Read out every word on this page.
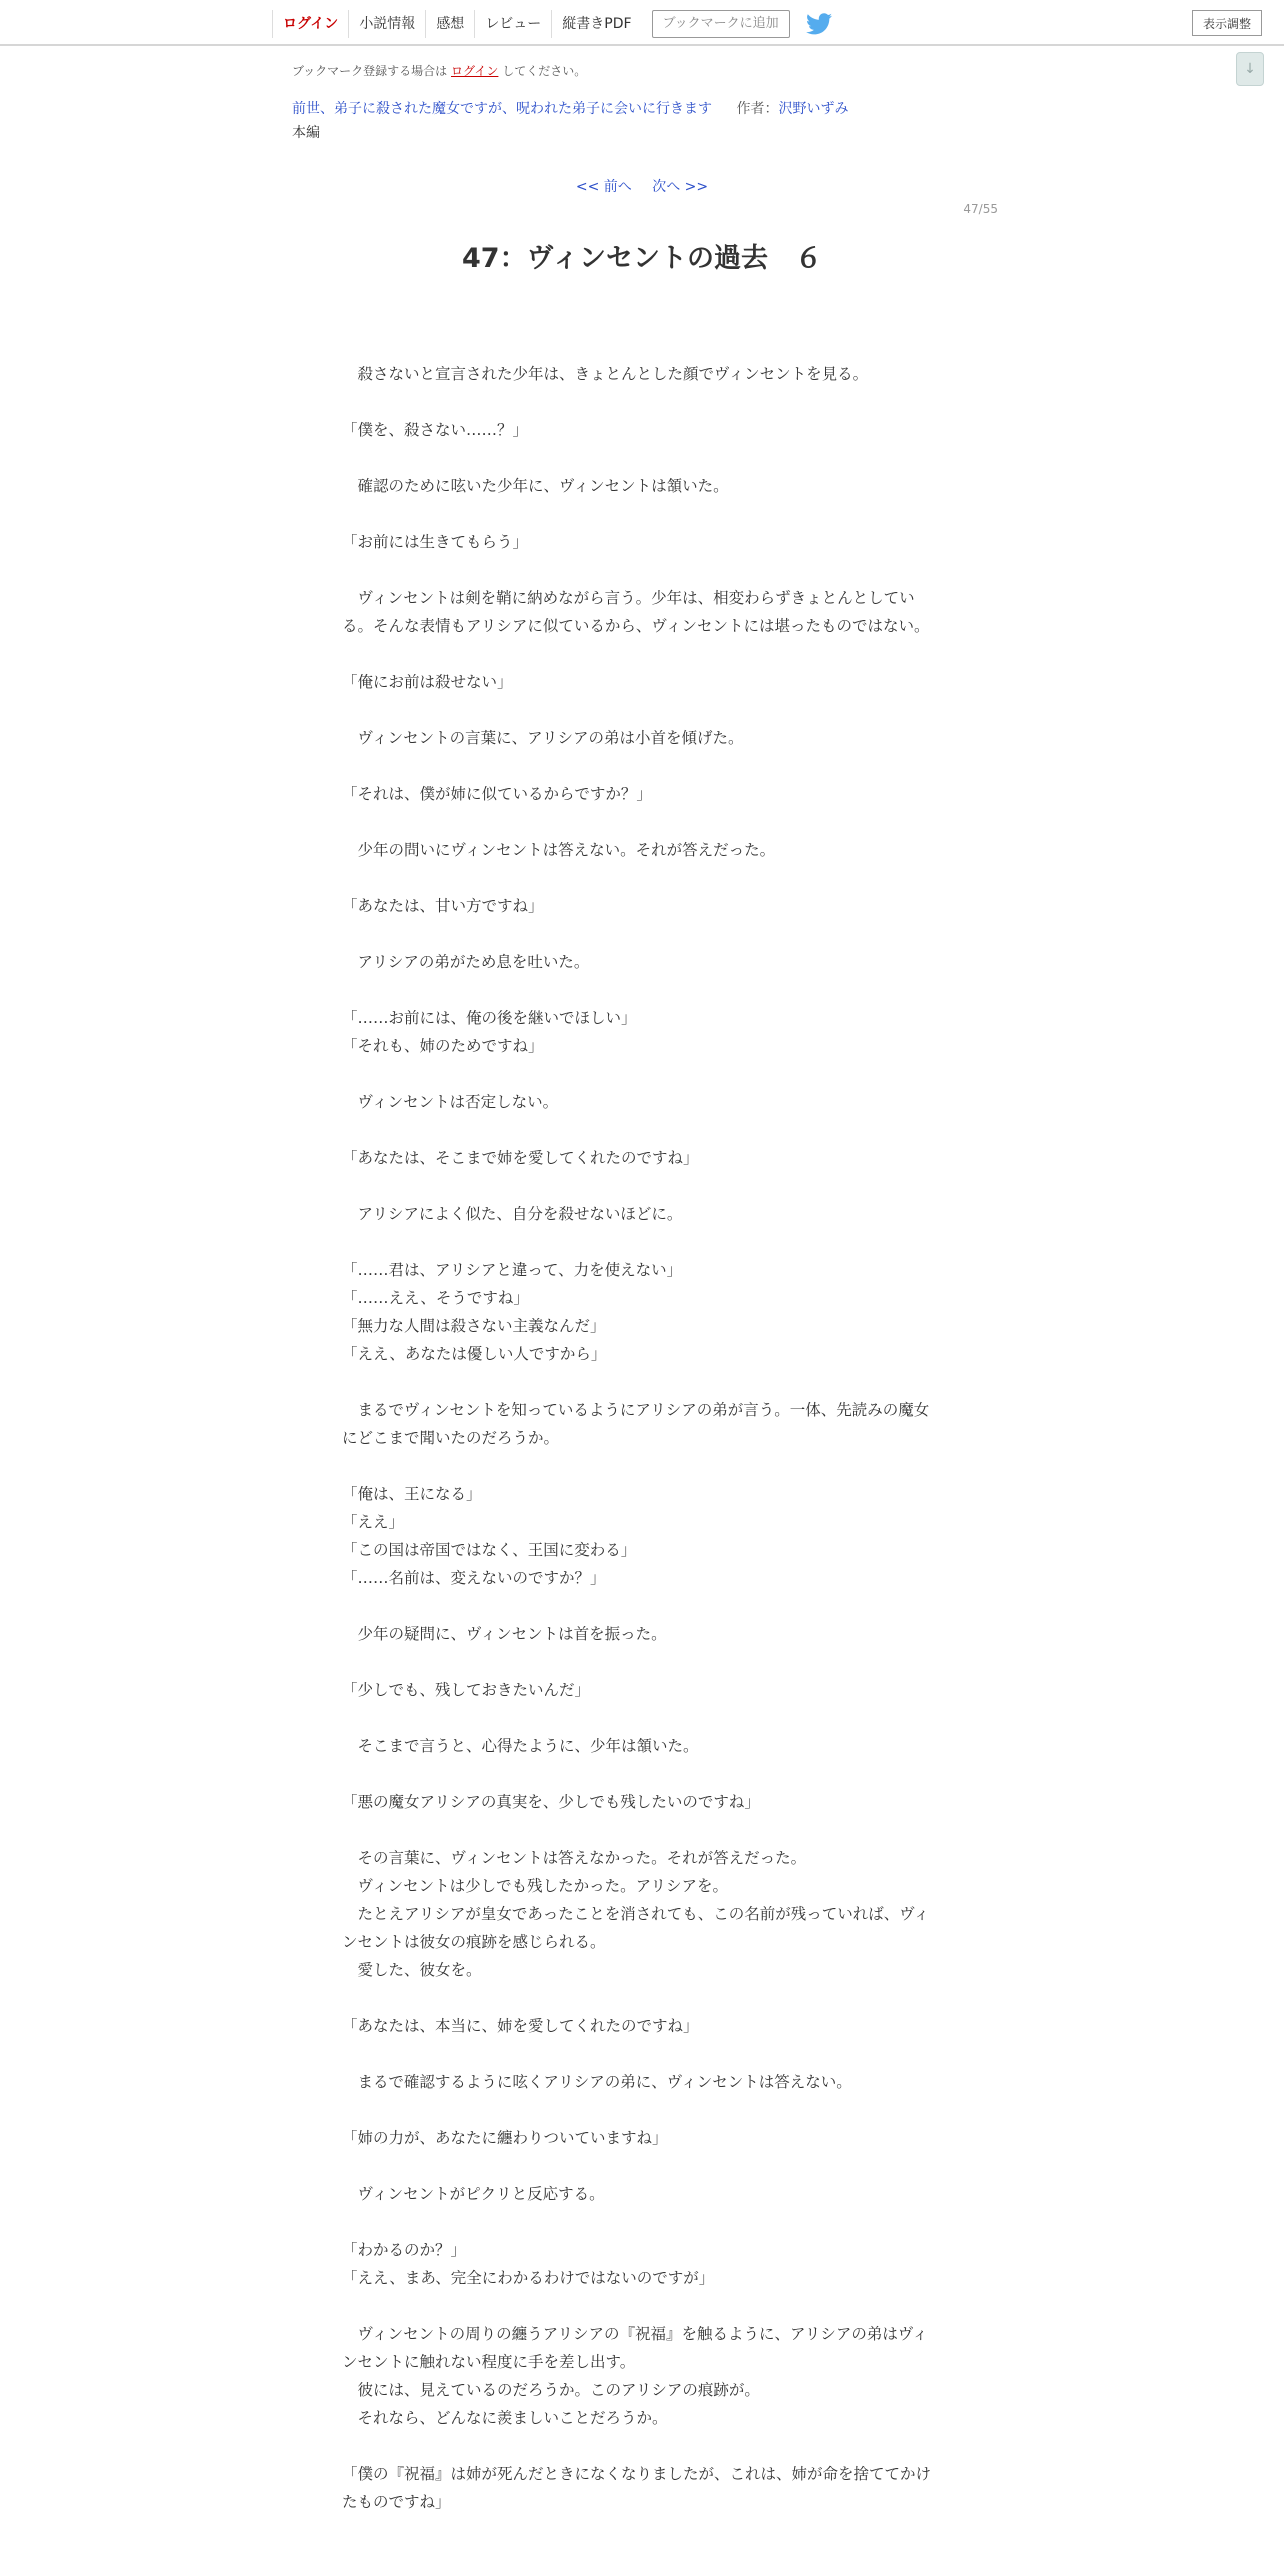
ログイン	小説情報	感想	レビュー	縦書きPDF	ブックマークに追加	表示調整
↓
ブックマーク登録する場合は ログイン してください。
前世、弟子に殺された魔女ですが、呪われた弟子に会いに行きます 作者：沢野いずみ
本編
<< 前へ 次へ >>
47/55
47：ヴィンセントの過去　６
　殺さないと宣言された少年は、きょとんとした顔でヴィンセントを見る。
「僕を、殺さない……？」
　確認のために呟いた少年に、ヴィンセントは頷いた。
「お前には生きてもらう」
　ヴィンセントは剣を鞘に納めながら言う。少年は、相変わらずきょとんとしている。そんな表情もアリシアに似ているから、ヴィンセントには堪ったものではない。
「俺にお前は殺せない」
　ヴィンセントの言葉に、アリシアの弟は小首を傾げた。
「それは、僕が姉に似ているからですか？」
　少年の問いにヴィンセントは答えない。それが答えだった。
「あなたは、甘い方ですね」
　アリシアの弟がため息を吐いた。
「……お前には、俺の後を継いでほしい」
「それも、姉のためですね」
　ヴィンセントは否定しない。
「あなたは、そこまで姉を愛してくれたのですね」
　アリシアによく似た、自分を殺せないほどに。
「……君は、アリシアと違って、力を使えない」
「……ええ、そうですね」
「無力な人間は殺さない主義なんだ」
「ええ、あなたは優しい人ですから」
　まるでヴィンセントを知っているようにアリシアの弟が言う。一体、先読みの魔女にどこまで聞いたのだろうか。
「俺は、王になる」
「ええ」
「この国は帝国ではなく、王国に変わる」
「……名前は、変えないのですか？」
　少年の疑問に、ヴィンセントは首を振った。
「少しでも、残しておきたいんだ」
　そこまで言うと、心得たように、少年は頷いた。
「悪の魔女アリシアの真実を、少しでも残したいのですね」
　その言葉に、ヴィンセントは答えなかった。それが答えだった。
　ヴィンセントは少しでも残したかった。アリシアを。
　たとえアリシアが皇女であったことを消されても、この名前が残っていれば、ヴィンセントは彼女の痕跡を感じられる。
　愛した、彼女を。
「あなたは、本当に、姉を愛してくれたのですね」
　まるで確認するように呟くアリシアの弟に、ヴィンセントは答えない。
「姉の力が、あなたに纏わりついていますね」
　ヴィンセントがピクリと反応する。
「わかるのか？」
「ええ、まあ、完全にわかるわけではないのですが」
　ヴィンセントの周りの纏うアリシアの『祝福』を触るように、アリシアの弟はヴィンセントに触れない程度に手を差し出す。
　彼には、見えているのだろうか。このアリシアの痕跡が。
　それなら、どんなに羨ましいことだろうか。
「僕の『祝福』は姉が死んだときになくなりましたが、これは、姉が命を捨ててかけたものですね」
